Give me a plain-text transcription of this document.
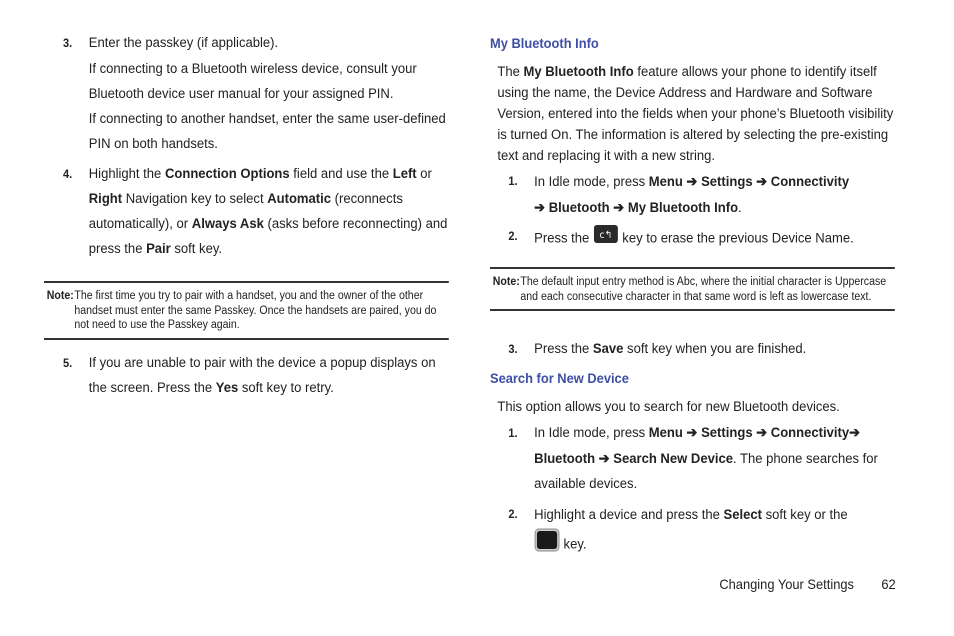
3. Enter the passkey (if applicable).

If connecting to a Bluetooth wireless device, consult your Bluetooth device user manual for your assigned PIN.

If connecting to another handset, enter the same user-defined PIN on both handsets.

4. Highlight the Connection Options field and use the Left or Right Navigation key to select Automatic (reconnects automatically), or Always Ask (asks before reconnecting) and press the Pair soft key.

Note: The first time you try to pair with a handset, you and the owner of the other handset must enter the same Passkey. Once the handsets are paired, you do not need to use the Passkey again.
5. If you are unable to pair with the device a popup displays on the screen. Press the Yes soft key to retry.

My Bluetooth Info

The My Bluetooth Info feature allows your phone to identify itself using the name, the Device Address and Hardware and Software Version, entered into the fields when your phone’s Bluetooth visibility is turned On. The information is altered by selecting the pre-existing text and replacing it with a new string.

1. In Idle mode, press Menu ➔ Settings ➔ Connectivity
➔ Bluetooth ➔ My Bluetooth Info.

2. Press the c↰ key to erase the previous Device Name.

Note: The default input entry method is Abc, where the initial character is Uppercase and each consecutive character in that same word is left as lowercase text.
3. Press the Save soft key when you are finished.

Search for New Device

This option allows you to search for new Bluetooth devices.

1. In Idle mode, press Menu ➔ Settings ➔ Connectivity➔ Bluetooth ➔ Search New Device. The phone searches for available devices.

2. Highlight a device and press the Select soft key or the
key.

Changing Your Settings 62
